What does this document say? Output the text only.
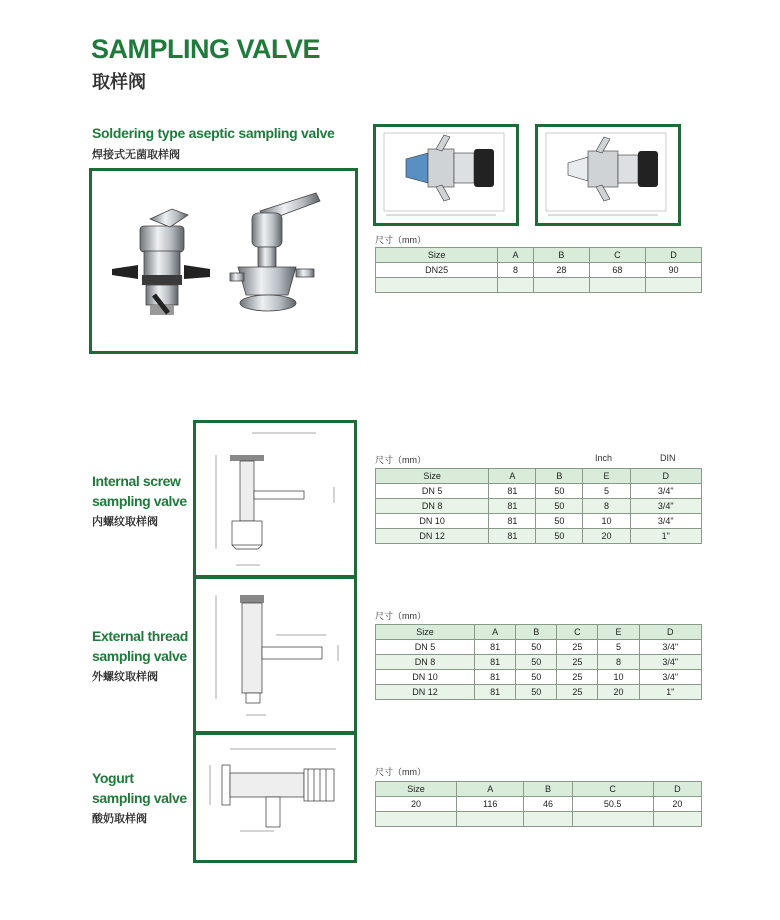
SAMPLING VALVE
取样阀
Soldering type aseptic sampling valve
焊接式无菌取样阀
尺寸（mm）
Size	A	B	C	D
DN25	8	28	68	90

Internal screw
sampling valve
内螺纹取样阀
尺寸（mm）	Inch	DIN
Size	A	B	E	D
DN 5	81	50	5	3/4"
DN 8	81	50	8	3/4"
DN 10	81	50	10	3/4"
DN 12	81	50	20	1"
External thread
sampling valve
外螺纹取样阀
尺寸（mm）
Size	A	B	C	E	D
DN 5	81	50	25	5	3/4"
DN 8	81	50	25	8	3/4"
DN 10	81	50	25	10	3/4"
DN 12	81	50	25	20	1"
Yogurt
sampling valve
酸奶取样阀
尺寸（mm）
Size	A	B	C	D
20	116	46	50.5	20
